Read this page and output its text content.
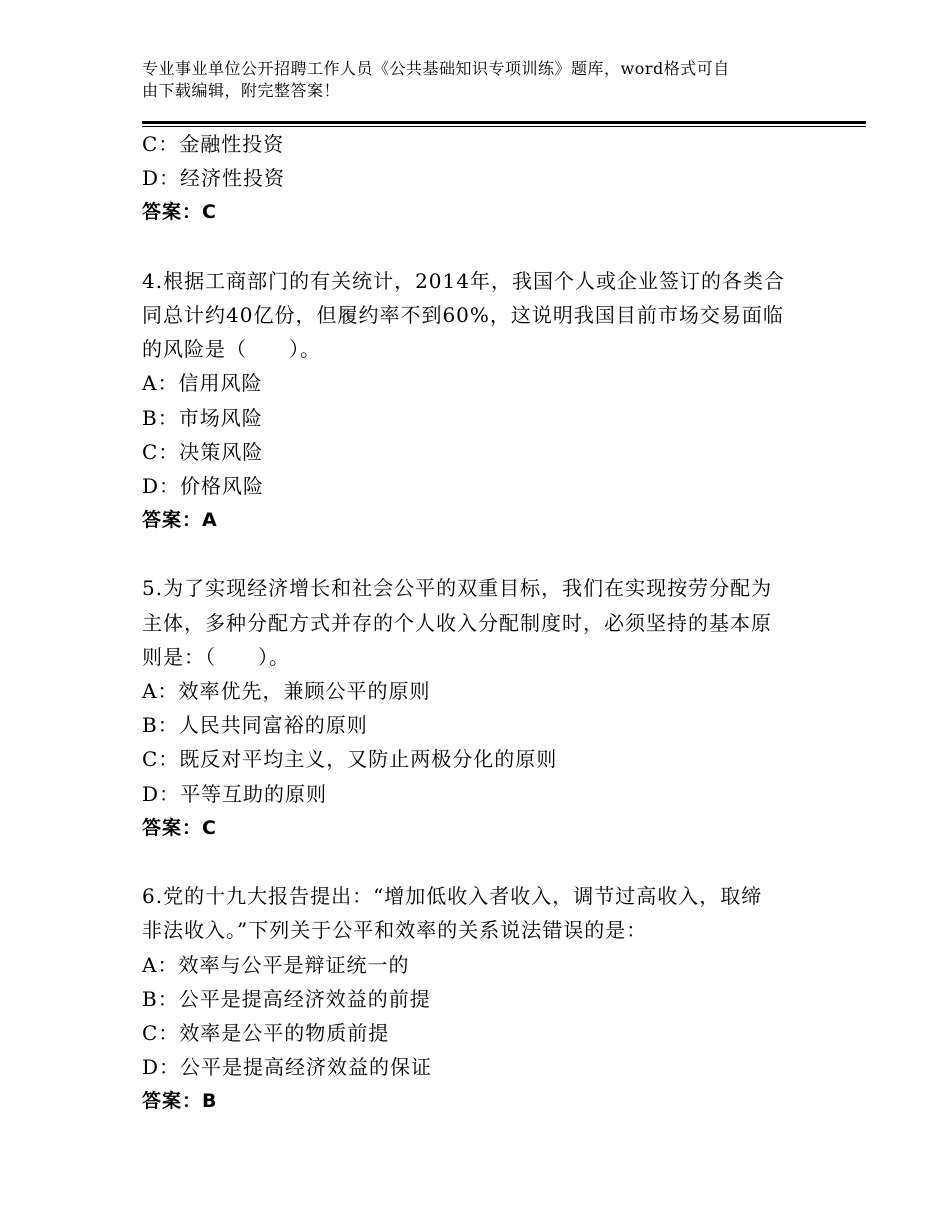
专业事业单位公开招聘工作人员《公共基础知识专项训练》题库，word格式可自
由下载编辑，附完整答案！
C：金融性投资
D：经济性投资
答案：C
4.根据工商部门的有关统计，2014年，我国个人或企业签订的各类合
同总计约40亿份，但履约率不到60%，这说明我国目前市场交易面临
的风险是（　　）。
A：信用风险
B：市场风险
C：决策风险
D：价格风险
答案：A
5.为了实现经济增长和社会公平的双重目标，我们在实现按劳分配为
主体，多种分配方式并存的个人收入分配制度时，必须坚持的基本原
则是：（　　）。
A：效率优先，兼顾公平的原则
B：人民共同富裕的原则
C：既反对平均主义，又防止两极分化的原则
D：平等互助的原则
答案：C
6.党的十九大报告提出：“增加低收入者收入，调节过高收入，取缔
非法收入。”下列关于公平和效率的关系说法错误的是：
A：效率与公平是辩证统一的
B：公平是提高经济效益的前提
C：效率是公平的物质前提
D：公平是提高经济效益的保证
答案：B
